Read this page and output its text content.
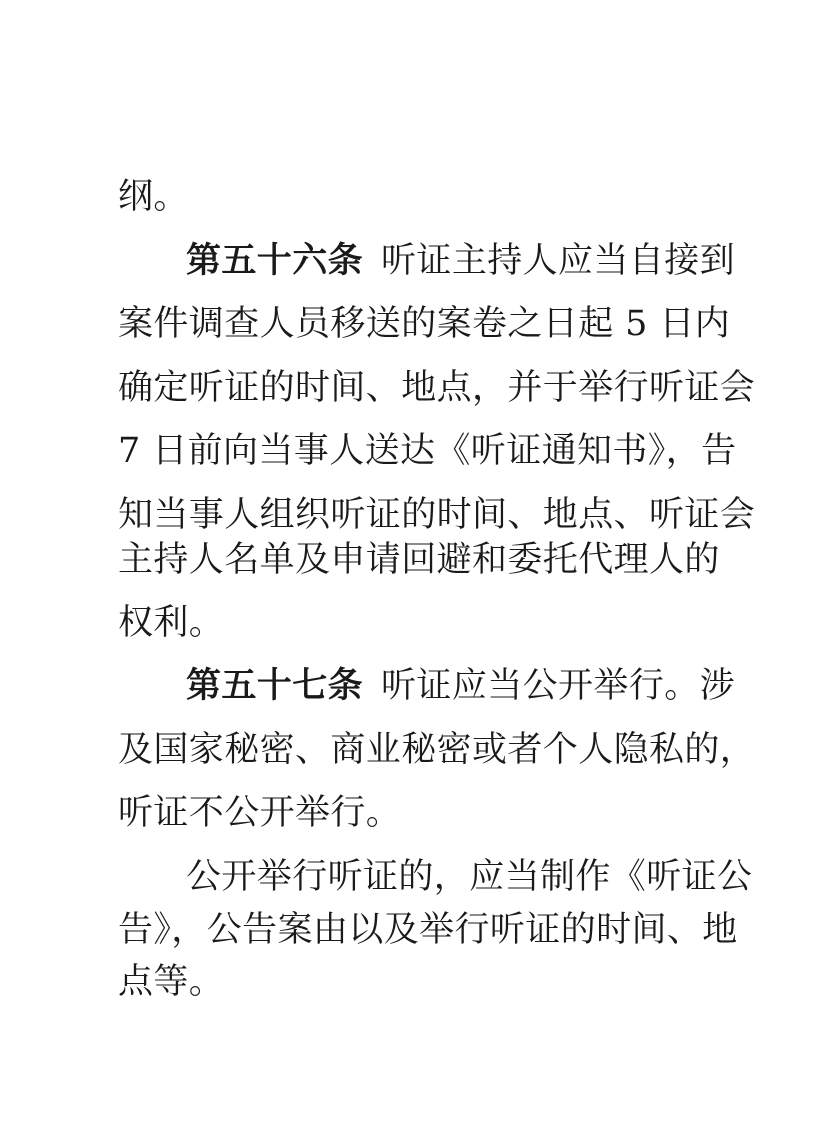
纲。
第五十六条 听证主持人应当自接到
案件调查人员移送的案卷之日起 5 日内
确定听证的时间、地点，并于举行听证会
7 日前向当事人送达《听证通知书》，告
知当事人组织听证的时间、地点、听证会
主持人名单及申请回避和委托代理人的
权利。
第五十七条 听证应当公开举行。涉
及国家秘密、商业秘密或者个人隐私的，
听证不公开举行。
公开举行听证的，应当制作《听证公
告》，公告案由以及举行听证的时间、地
点等。
